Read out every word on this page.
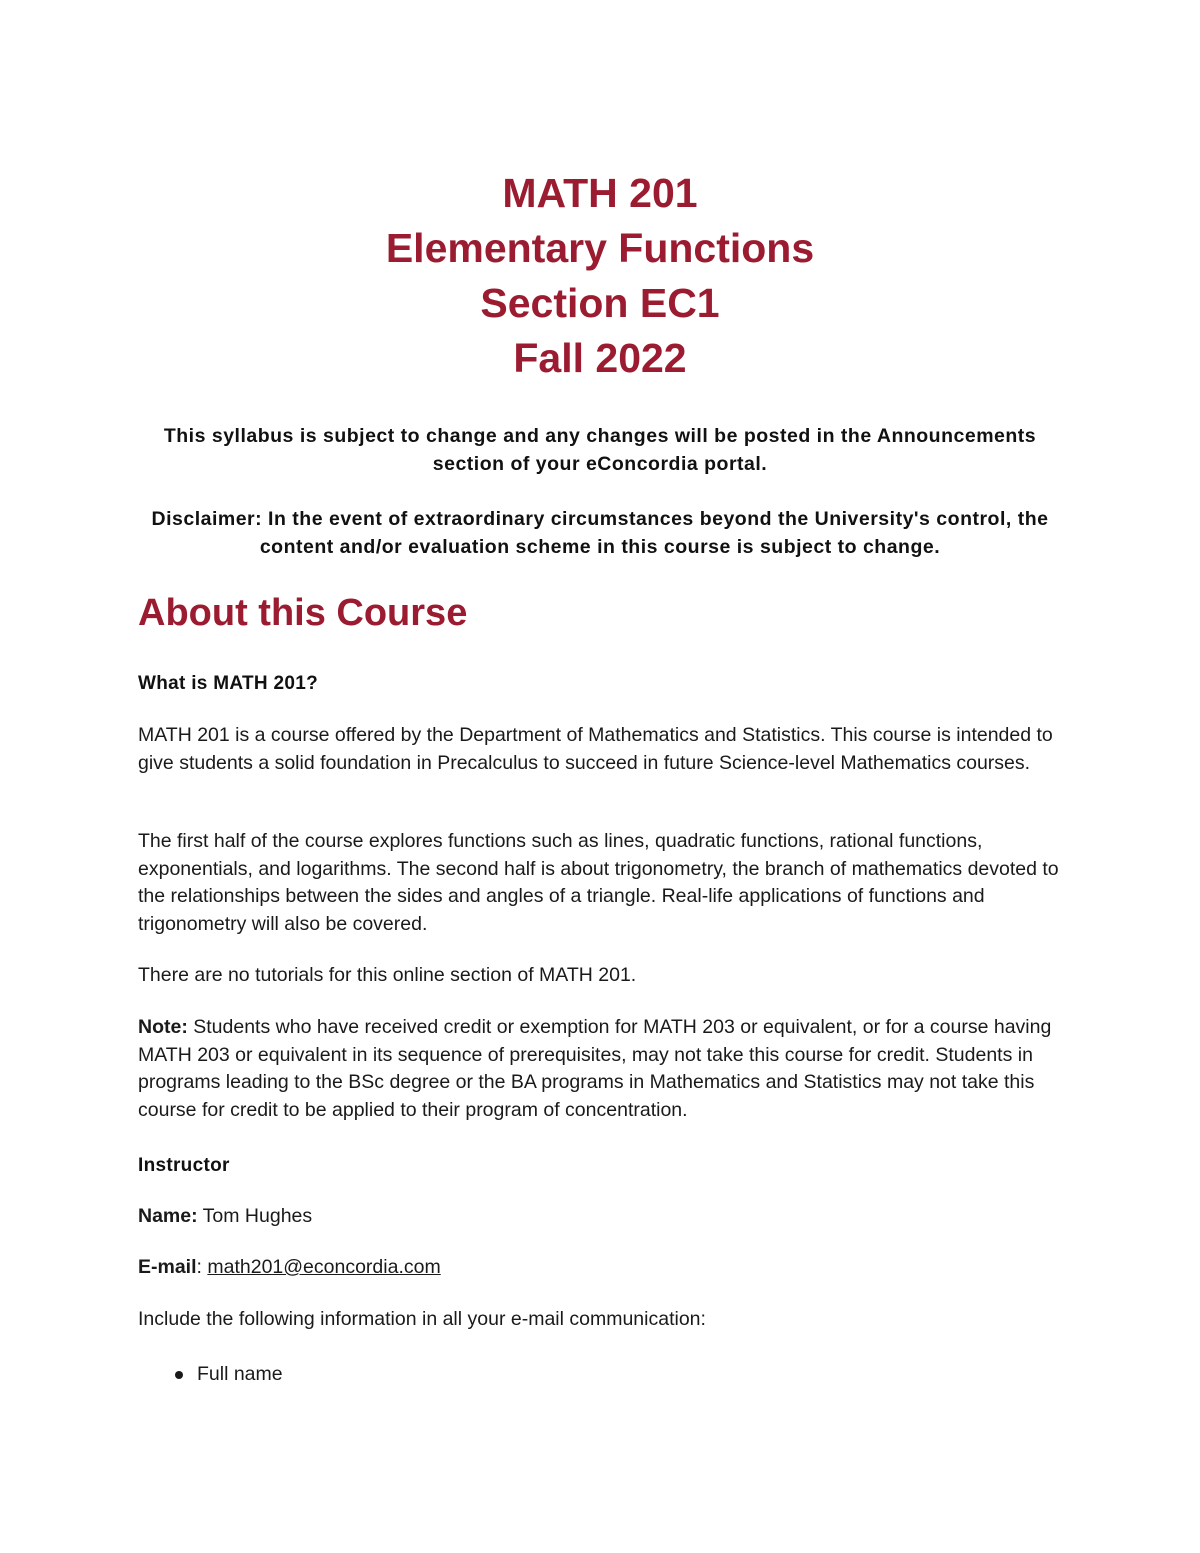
MATH 201

Elementary Functions

Section EC1

Fall 2022

This syllabus is subject to change and any changes will be posted in the Announcements section of your eConcordia portal.

Disclaimer: In the event of extraordinary circumstances beyond the University's control, the content and/or evaluation scheme in this course is subject to change.

About this Course
What is MATH 201?

MATH 201 is a course offered by the Department of Mathematics and Statistics. This course is intended to give students a solid foundation in Precalculus to succeed in future Science-level Mathematics courses.

The first half of the course explores functions such as lines, quadratic functions, rational functions, exponentials, and logarithms. The second half is about trigonometry, the branch of mathematics devoted to the relationships between the sides and angles of a triangle. Real-life applications of functions and trigonometry will also be covered.

There are no tutorials for this online section of MATH 201.

Note: Students who have received credit or exemption for MATH 203 or equivalent, or for a course having MATH 203 or equivalent in its sequence of prerequisites, may not take this course for credit. Students in programs leading to the BSc degree or the BA programs in Mathematics and Statistics may not take this course for credit to be applied to their program of concentration.

Instructor

Name: Tom Hughes

E-mail: math201@econcordia.com

Include the following information in all your e-mail communication:

Full name
